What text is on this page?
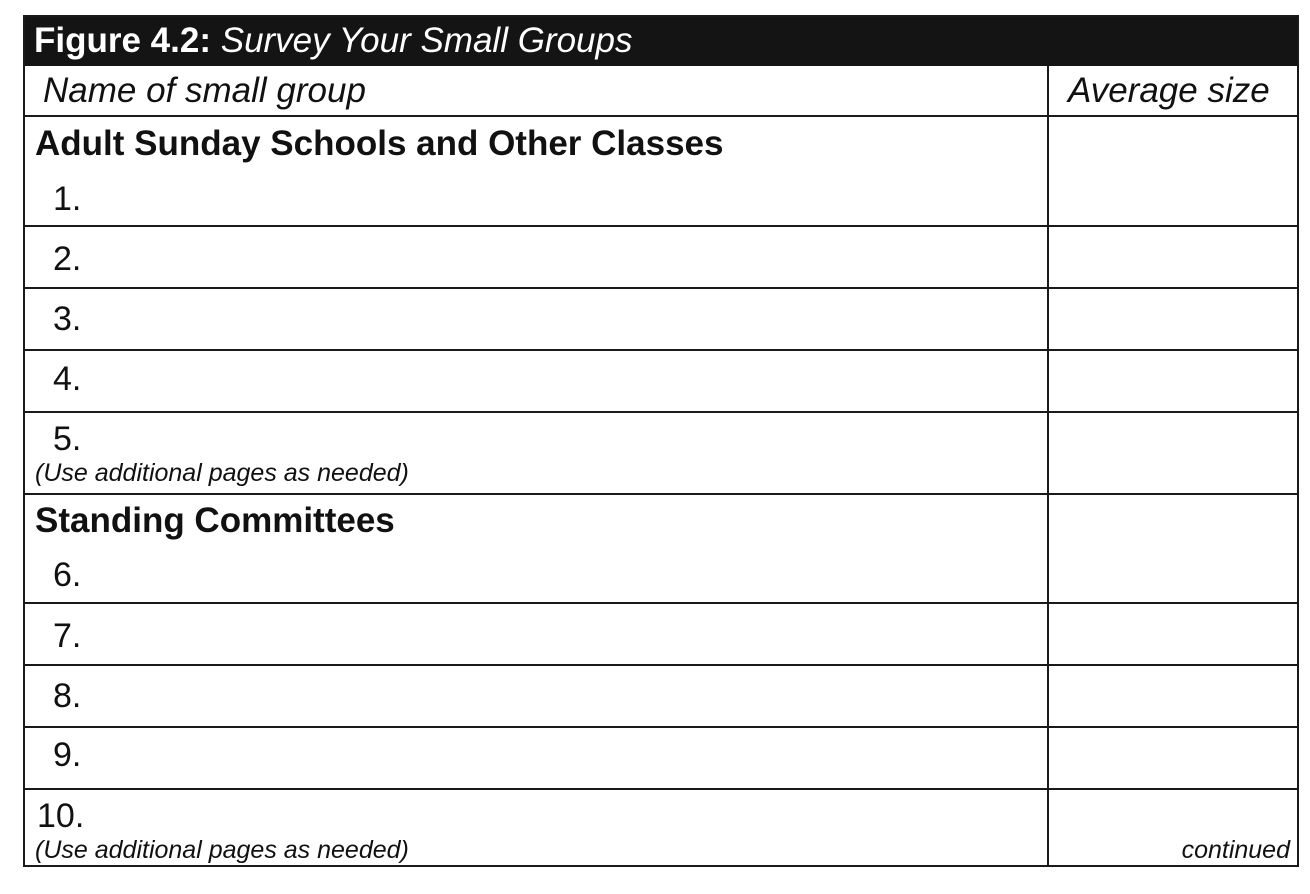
Figure 4.2: Survey Your Small Groups
Name of small group	Average size
Adult Sunday Schools and Other Classes
1.
2.
3.
4.
5.
(Use additional pages as needed)
Standing Committees
6.
7.
8.
9.
10.
(Use additional pages as needed)	continued
